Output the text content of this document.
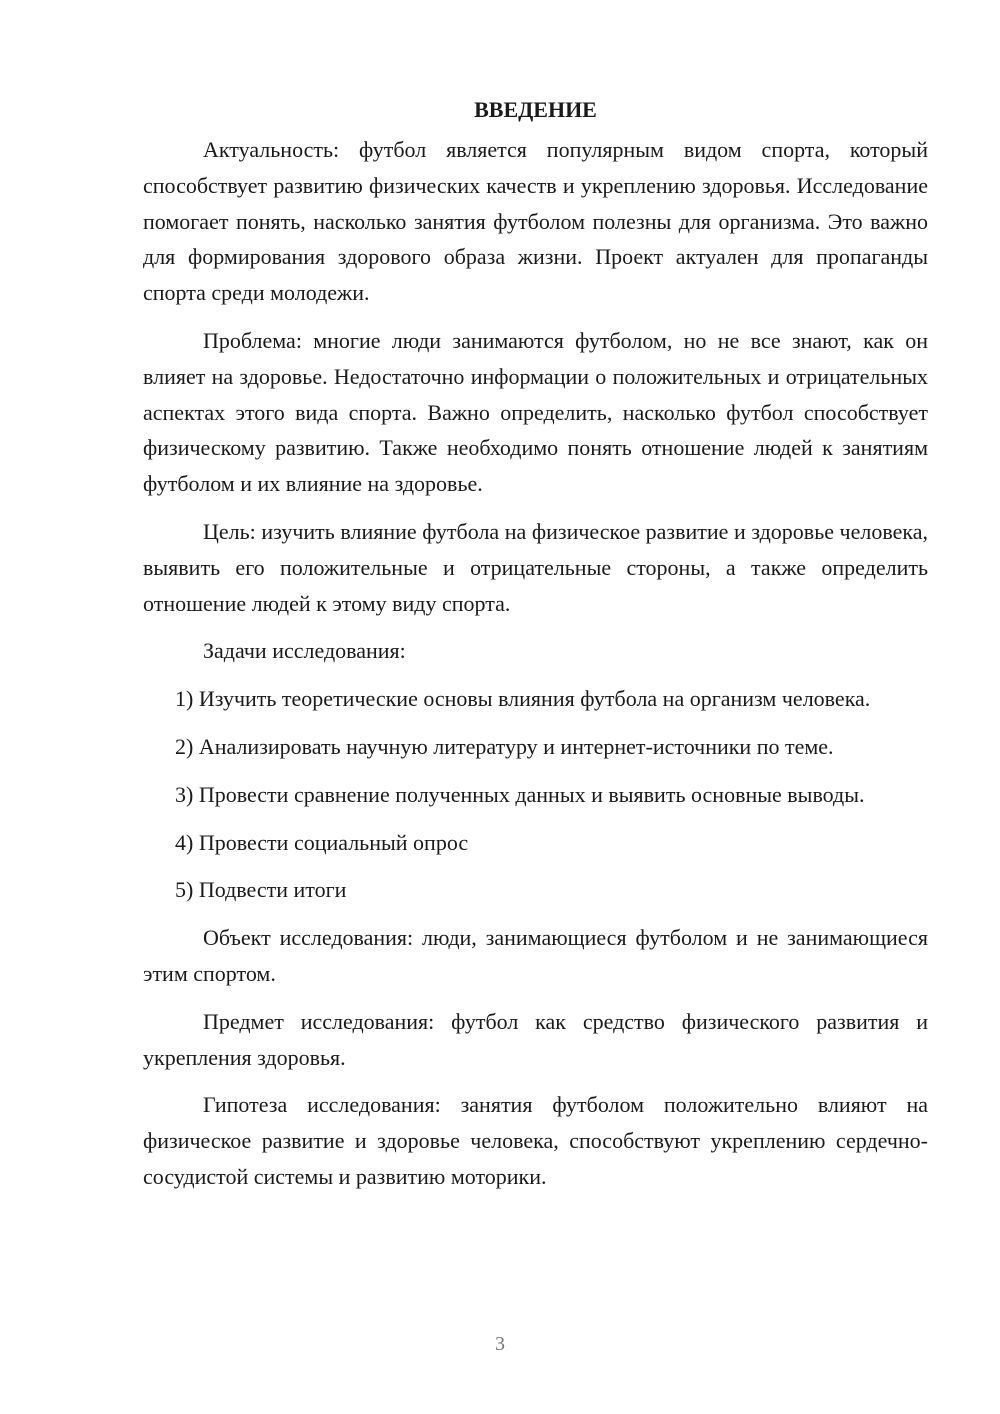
ВВЕДЕНИЕ

Актуальность: футбол является популярным видом спорта, который способствует развитию физических качеств и укреплению здоровья. Исследование помогает понять, насколько занятия футболом полезны для организма. Это важно для формирования здорового образа жизни. Проект актуален для пропаганды спорта среди молодежи.

Проблема: многие люди занимаются футболом, но не все знают, как он влияет на здоровье. Недостаточно информации о положительных и отрицательных аспектах этого вида спорта. Важно определить, насколько футбол способствует физическому развитию. Также необходимо понять отношение людей к занятиям футболом и их влияние на здоровье.

Цель: изучить влияние футбола на физическое развитие и здоровье человека, выявить его положительные и отрицательные стороны, а также определить отношение людей к этому виду спорта.

Задачи исследования:

1) Изучить теоретические основы влияния футбола на организм человека.

2) Анализировать научную литературу и интернет-источники по теме.

3) Провести сравнение полученных данных и выявить основные выводы.

4) Провести социальный опрос

5) Подвести итоги

Объект исследования: люди, занимающиеся футболом и не занимающиеся этим спортом.

Предмет исследования: футбол как средство физического развития и укрепления здоровья.

Гипотеза исследования: занятия футболом положительно влияют на физическое развитие и здоровье человека, способствуют укреплению сердечно-сосудистой системы и развитию моторики.

3
